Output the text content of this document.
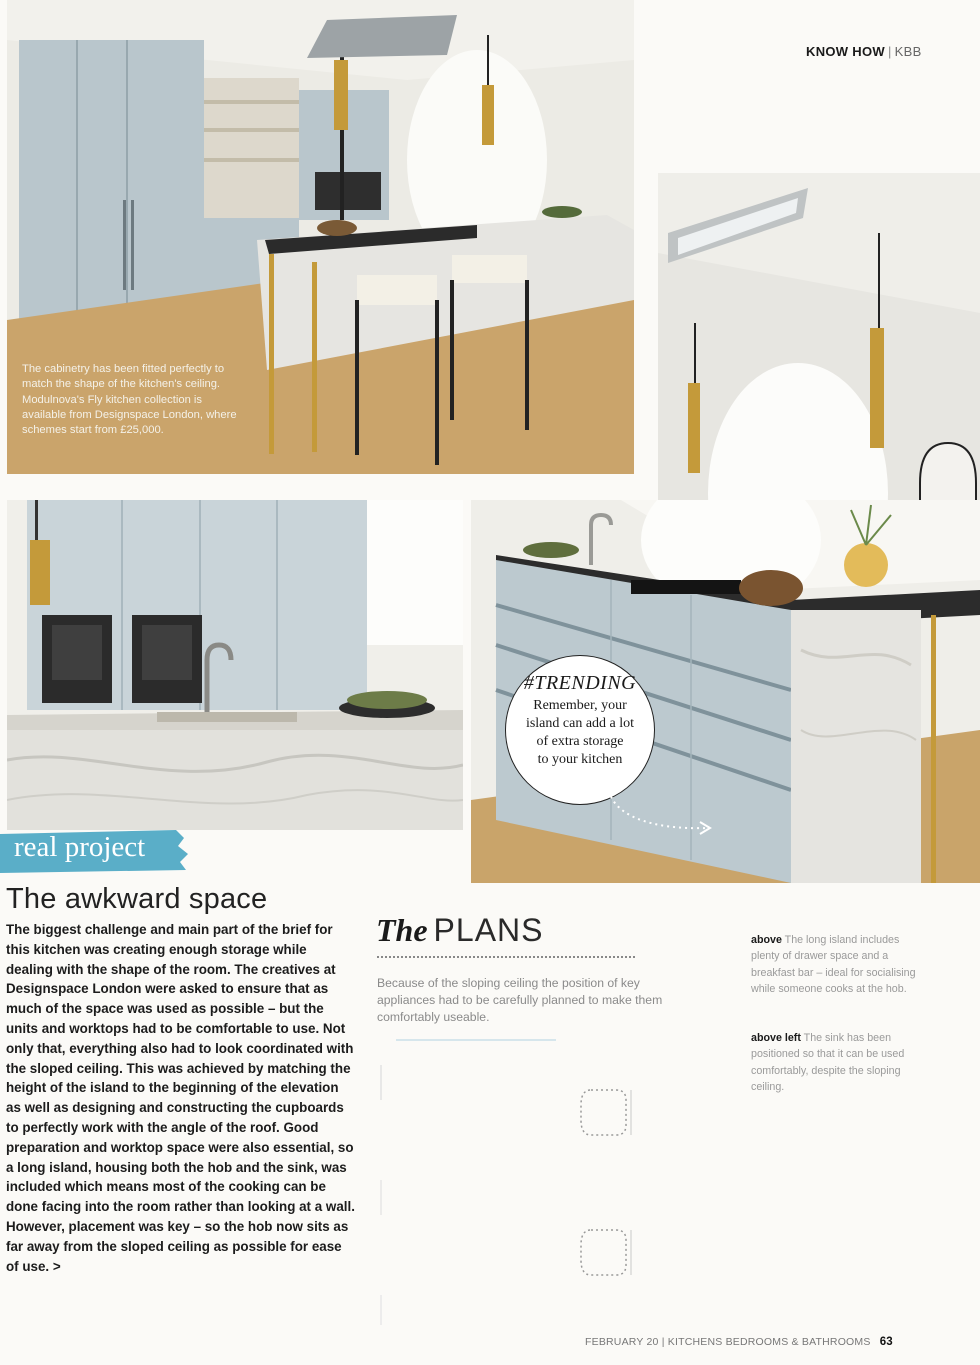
KNOW HOW | KBB
The cabinetry has been fitted perfectly to match the shape of the kitchen's ceiling. Modulnova's Fly kitchen collection is available from Designspace London, where schemes start from £25,000.
#TRENDING
Remember, your
island can add a lot
of extra storage
to your kitchen
real project
The awkward space
The biggest challenge and main part of the brief for this kitchen was creating enough storage while dealing with the shape of the room. The creatives at Designspace London were asked to ensure that as much of the space was used as possible – but the units and worktops had to be comfortable to use. Not only that, everything also had to look coordinated with the sloped ceiling. This was achieved by matching the height of the island to the beginning of the elevation as well as designing and constructing the cupboards to perfectly work with the angle of the roof. Good preparation and worktop space were also essential, so a long island, housing both the hob and the sink, was included which means most of the cooking can be done facing into the room rather than looking at a wall. However, placement was key – so the hob now sits as far away from the sloped ceiling as possible for ease of use. >
The PLANS
Because of the sloping ceiling the position of key appliances had to be carefully planned to make them comfortably useable.
above The long island includes plenty of drawer space and a breakfast bar – ideal for socialising while someone cooks at the hob.
above left The sink has been positioned so that it can be used comfortably, despite the sloping ceiling.
FEBRUARY 20 | KITCHENS BEDROOMS & BATHROOMS 63
